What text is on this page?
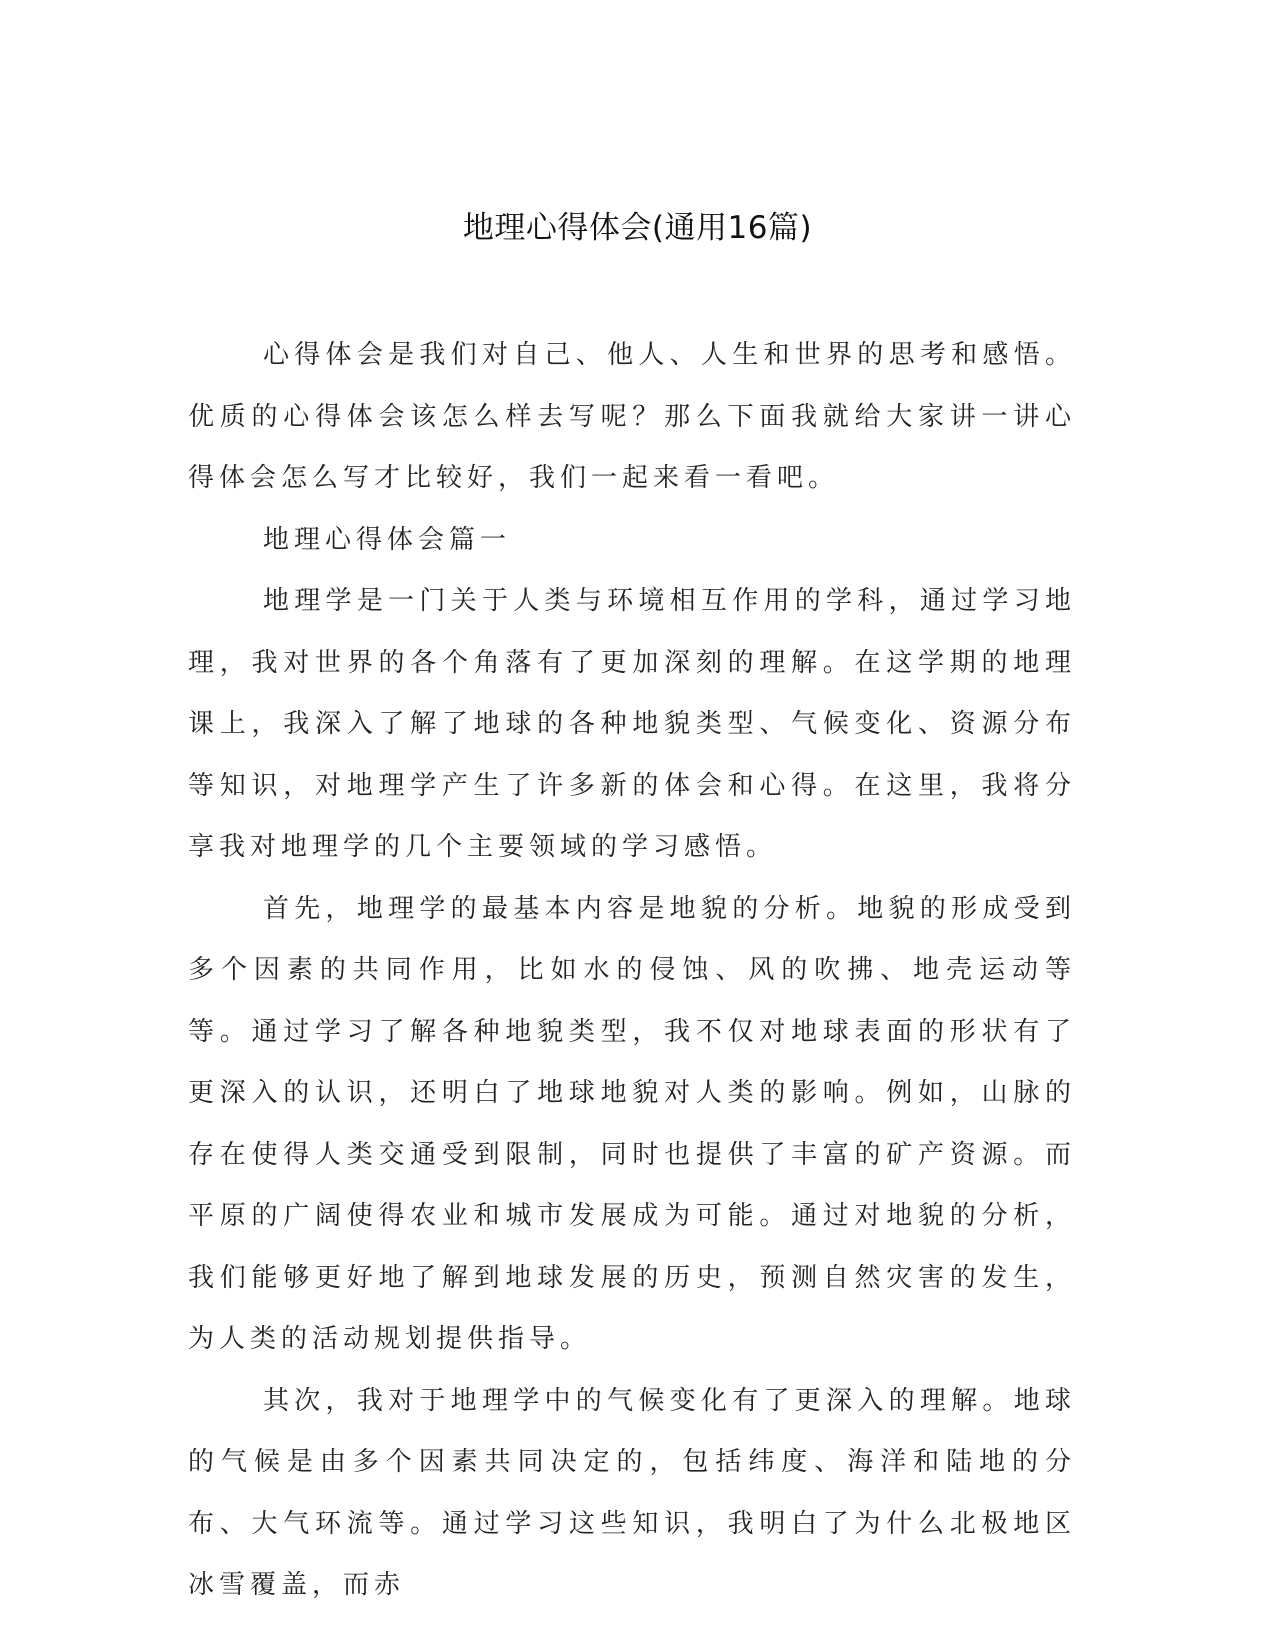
地理心得体会(通用16篇)

心得体会是我们对自己、他人、人生和世界的思考和感悟。优质的心得体会该怎么样去写呢？那么下面我就给大家讲一讲心得体会怎么写才比较好，我们一起来看一看吧。

地理心得体会篇一

地理学是一门关于人类与环境相互作用的学科，通过学习地理，我对世界的各个角落有了更加深刻的理解。在这学期的地理课上，我深入了解了地球的各种地貌类型、气候变化、资源分布等知识，对地理学产生了许多新的体会和心得。在这里，我将分享我对地理学的几个主要领域的学习感悟。

首先，地理学的最基本内容是地貌的分析。地貌的形成受到多个因素的共同作用，比如水的侵蚀、风的吹拂、地壳运动等等。通过学习了解各种地貌类型，我不仅对地球表面的形状有了更深入的认识，还明白了地球地貌对人类的影响。例如，山脉的存在使得人类交通受到限制，同时也提供了丰富的矿产资源。而平原的广阔使得农业和城市发展成为可能。通过对地貌的分析，我们能够更好地了解到地球发展的历史，预测自然灾害的发生，为人类的活动规划提供指导。

其次，我对于地理学中的气候变化有了更深入的理解。地球的气候是由多个因素共同决定的，包括纬度、海洋和陆地的分布、大气环流等。通过学习这些知识，我明白了为什么北极地区冰雪覆盖，而赤
